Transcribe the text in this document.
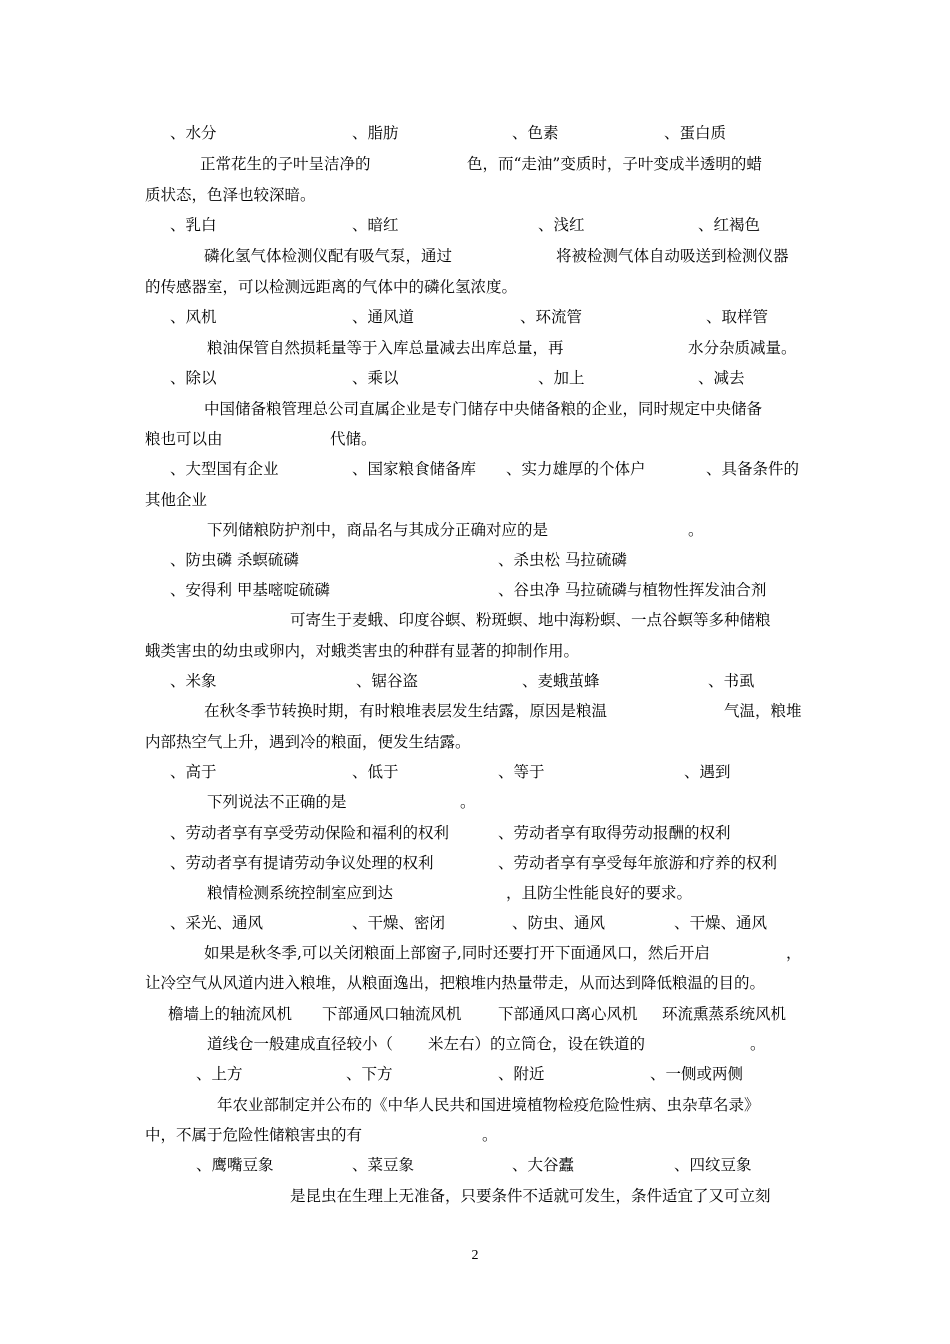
、水分	、脂肪	、色素	、蛋白质
正常花生的子叶呈洁净的	色，而“走油”变质时，子叶变成半透明的蜡
质状态，色泽也较深暗。
、乳白	、暗红	、浅红	、红褐色
磷化氢气体检测仪配有吸气泵，通过	将被检测气体自动吸送到检测仪器
的传感器室，可以检测远距离的气体中的磷化氢浓度。
、风机	、通风道	、环流管	、取样管
粮油保管自然损耗量等于入库总量减去出库总量，再	水分杂质减量。
、除以	、乘以	、加上	、减去
中国储备粮管理总公司直属企业是专门储存中央储备粮的企业，同时规定中央储备
粮也可以由	代储。
、大型国有企业	、国家粮食储备库 、实力雄厚的个体户	、具备条件的
其他企业
下列储粮防护剂中，商品名与其成分正确对应的是	。
、防虫磷 杀螟硫磷	、杀虫松 马拉硫磷
、安得利 甲基嘧啶硫磷	、谷虫净 马拉硫磷与植物性挥发油合剂
可寄生于麦蛾、印度谷螟、粉斑螟、地中海粉螟、一点谷螟等多种储粮
蛾类害虫的幼虫或卵内，对蛾类害虫的种群有显著的抑制作用。
、米象	、锯谷盗	、麦蛾茧蜂	、书虱
在秋冬季节转换时期，有时粮堆表层发生结露，原因是粮温	气温，粮堆
内部热空气上升，遇到冷的粮面，便发生结露。
、高于	、低于	、等于	、遇到
下列说法不正确的是	。
、劳动者享有享受劳动保险和福利的权利	、劳动者享有取得劳动报酬的权利
、劳动者享有提请劳动争议处理的权利	、劳动者享有享受每年旅游和疗养的权利
粮情检测系统控制室应到达	，且防尘性能良好的要求。
、采光、通风	、干燥、密闭	、防虫、通风	、干燥、通风
如果是秋冬季,可以关闭粮面上部窗子,同时还要打开下面通风口，然后开启	，
让冷空气从风道内进入粮堆，从粮面逸出，把粮堆内热量带走，从而达到降低粮温的目的。
檐墙上的轴流风机 下部通风口轴流风机 下部通风口离心风机 环流熏蒸系统风机
道线仓一般建成直径较小（ 米左右）的立筒仓，设在铁道的	。
、上方	、下方	、附近	、一侧或两侧
年农业部制定并公布的《中华人民共和国进境植物检疫危险性病、虫杂草名录》
中，不属于危险性储粮害虫的有	。
、鹰嘴豆象	、菜豆象	、大谷蠹	、四纹豆象
是昆虫在生理上无准备，只要条件不适就可发生，条件适宜了又可立刻
2
